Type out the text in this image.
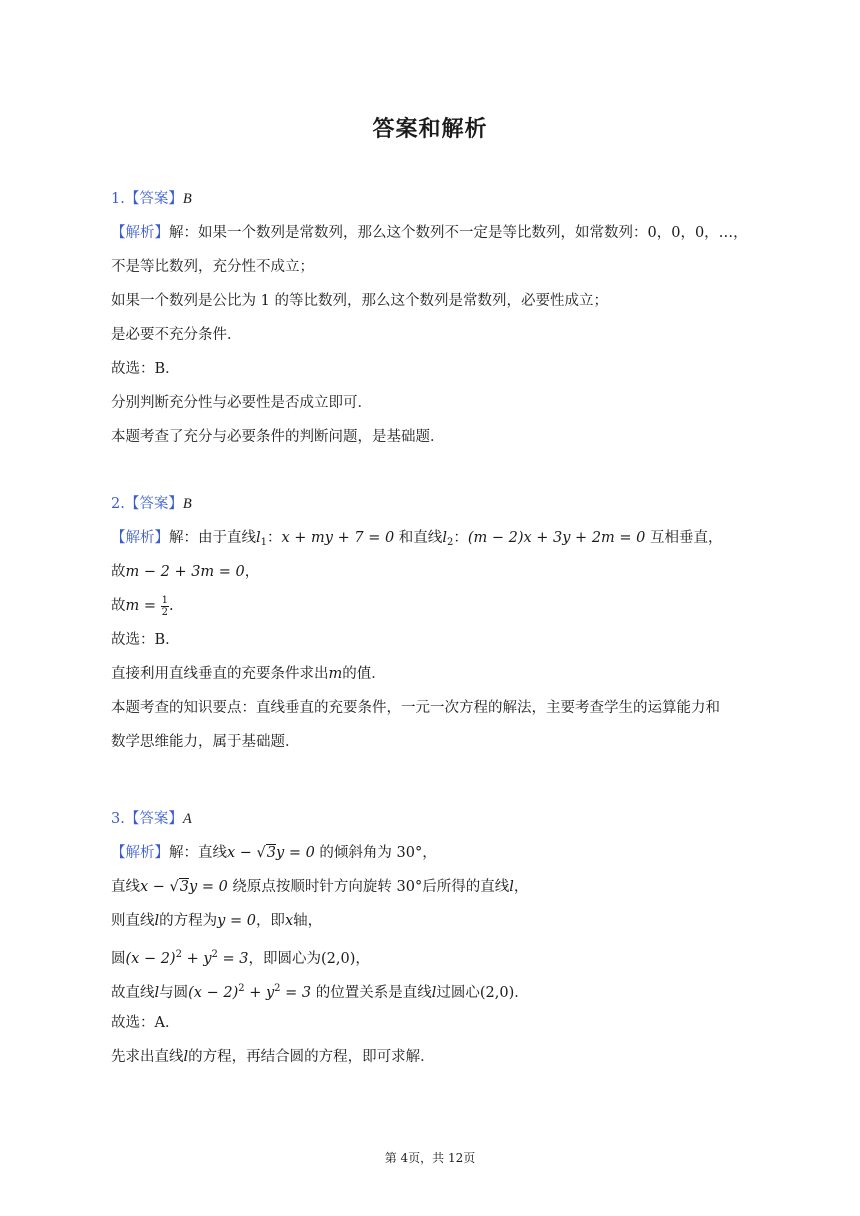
答案和解析
1.【答案】B
【解析】解：如果一个数列是常数列，那么这个数列不一定是等比数列，如常数列：0，0，0，…，
不是等比数列，充分性不成立；
如果一个数列是公比为 1 的等比数列，那么这个数列是常数列，必要性成立；
是必要不充分条件．
故选：B．
分别判断充分性与必要性是否成立即可．
本题考查了充分与必要条件的判断问题，是基础题．
2.【答案】B
【解析】解：由于直线$l_1$：x + my + 7 = 0 和直线$l_2$：(m − 2)x + 3y + 2m = 0 互相垂直，
故m − 2 + 3m = 0，
故$m = \frac{1}{2}$ .
故选：B．
直接利用直线垂直的充要条件求出m的值．
本题考查的知识要点：直线垂直的充要条件，一元一次方程的解法，主要考查学生的运算能力和
数学思维能力，属于基础题．
3.【答案】A
【解析】解：直线x − √3y = 0 的倾斜角为 30°，
直线x − √3y = 0 绕原点按顺时针方向旋转 30°后所得的直线l，
则直线l的方程为y = 0，即x轴，
圆$(x - 2)^2 + y^2 = 3$，即圆心为(2,0)，
故直线l与圆$(x - 2)^2 + y^2 = 3$ 的位置关系是直线l过圆心(2,0)．
故选：A．
先求出直线l的方程，再结合圆的方程，即可求解．
第 4页，共 12页
